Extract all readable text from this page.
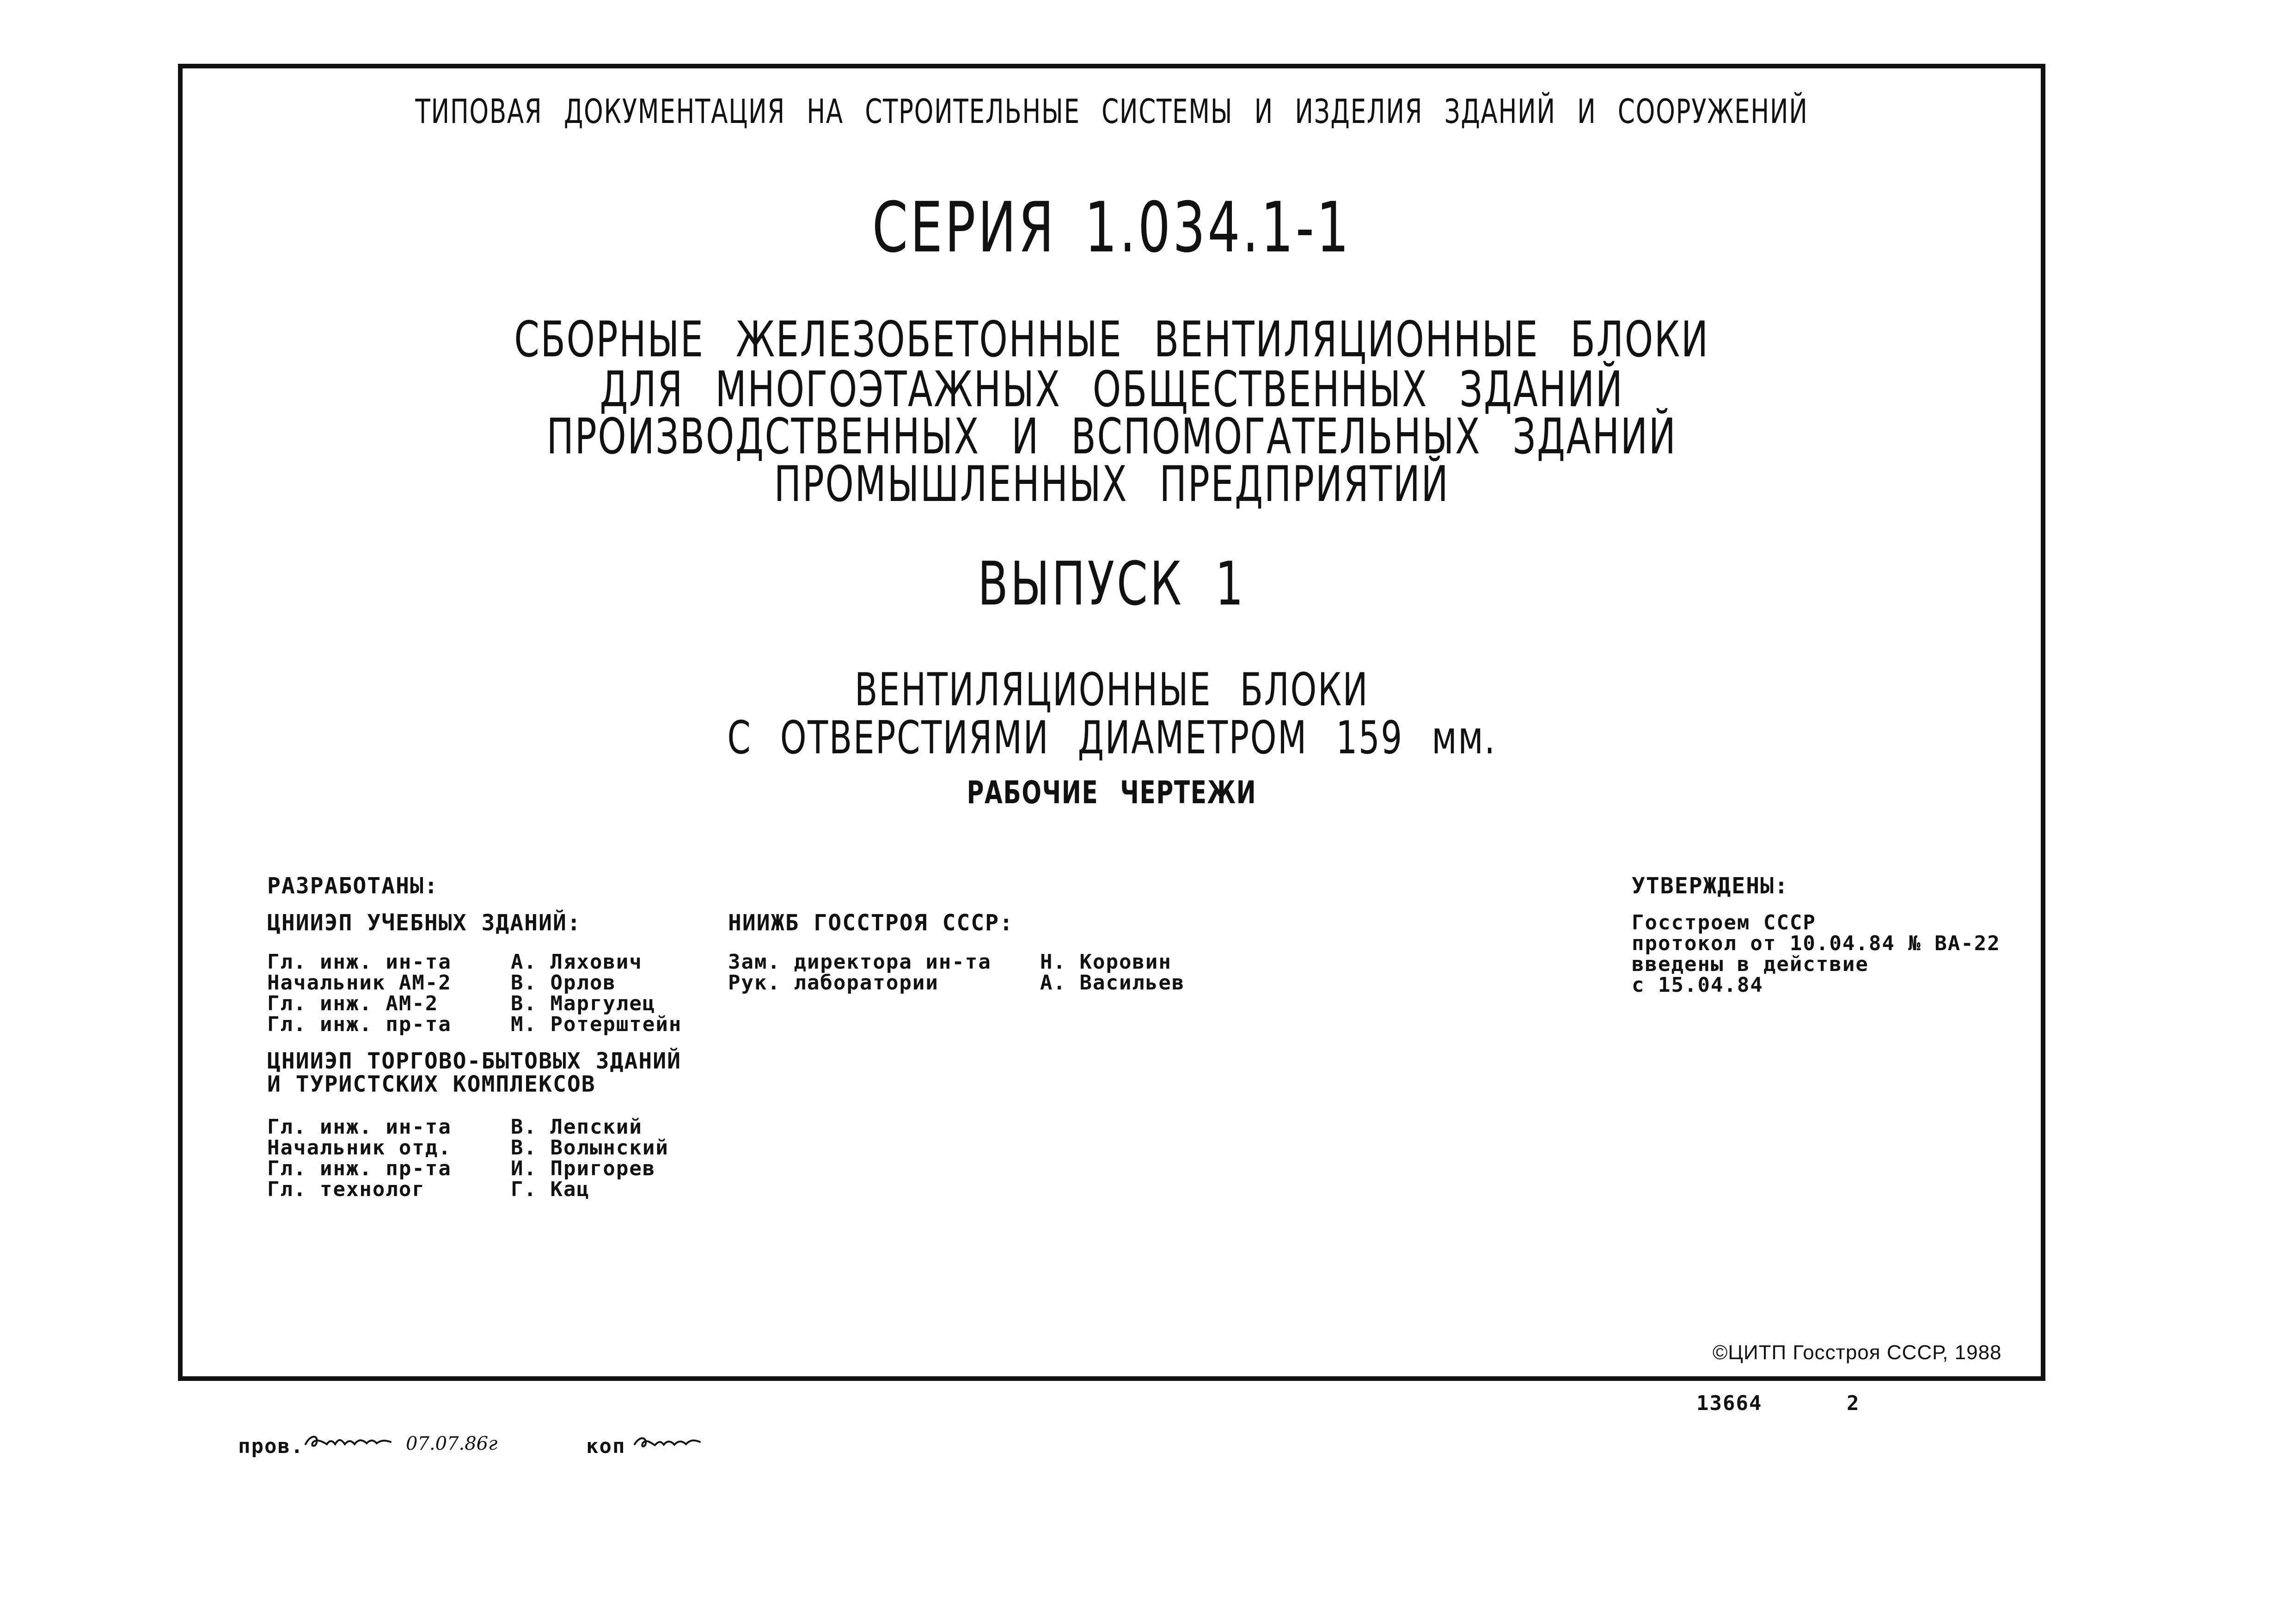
ТИПОВАЯ ДОКУМЕНТАЦИЯ НА СТРОИТЕЛЬНЫЕ СИСТЕМЫ И ИЗДЕЛИЯ ЗДАНИЙ И СООРУЖЕНИЙ
СЕРИЯ 1.034.1-1
СБОРНЫЕ ЖЕЛЕЗОБЕТОННЫЕ ВЕНТИЛЯЦИОННЫЕ БЛОКИ
ДЛЯ МНОГОЭТАЖНЫХ ОБЩЕСТВЕННЫХ ЗДАНИЙ
ПРОИЗВОДСТВЕННЫХ И ВСПОМОГАТЕЛЬНЫХ ЗДАНИЙ
ПРОМЫШЛЕННЫХ ПРЕДПРИЯТИЙ
ВЫПУСК 1
ВЕНТИЛЯЦИОННЫЕ БЛОКИ
С ОТВЕРСТИЯМИ ДИАМЕТРОМ 159 мм.
РАБОЧИЕ ЧЕРТЕЖИ
РАЗРАБОТАНЫ:
ЦНИИЭП УЧЕБНЫХ ЗДАНИЙ:
Гл. инж. ин-та	А. Ляхович
Начальник АМ-2	В. Орлов
Гл. инж. АМ-2	В. Маргулец
Гл. инж. пр-та	М. Ротерштейн
ЦНИИЭП ТОРГОВО-БЫТОВЫХ ЗДАНИЙ
И ТУРИСТСКИХ КОМПЛЕКСОВ
Гл. инж. ин-та	В. Лепский
Начальник отд.	В. Волынский
Гл. инж. пр-та	И. Пригорев
Гл. технолог	Г. Кац
НИИЖБ ГОССТРОЯ СССР:
Зам. директора ин-та Н. Коровин
Рук. лаборатории	А. Васильев
УТВЕРЖДЕНЫ:
Госстроем СССР
протокол от 10.04.84 № ВА-22
введены в действие
с 15.04.84
©ЦИТП Госстроя СССР, 1988
13664	2
пров.	07.07.86г	коп
